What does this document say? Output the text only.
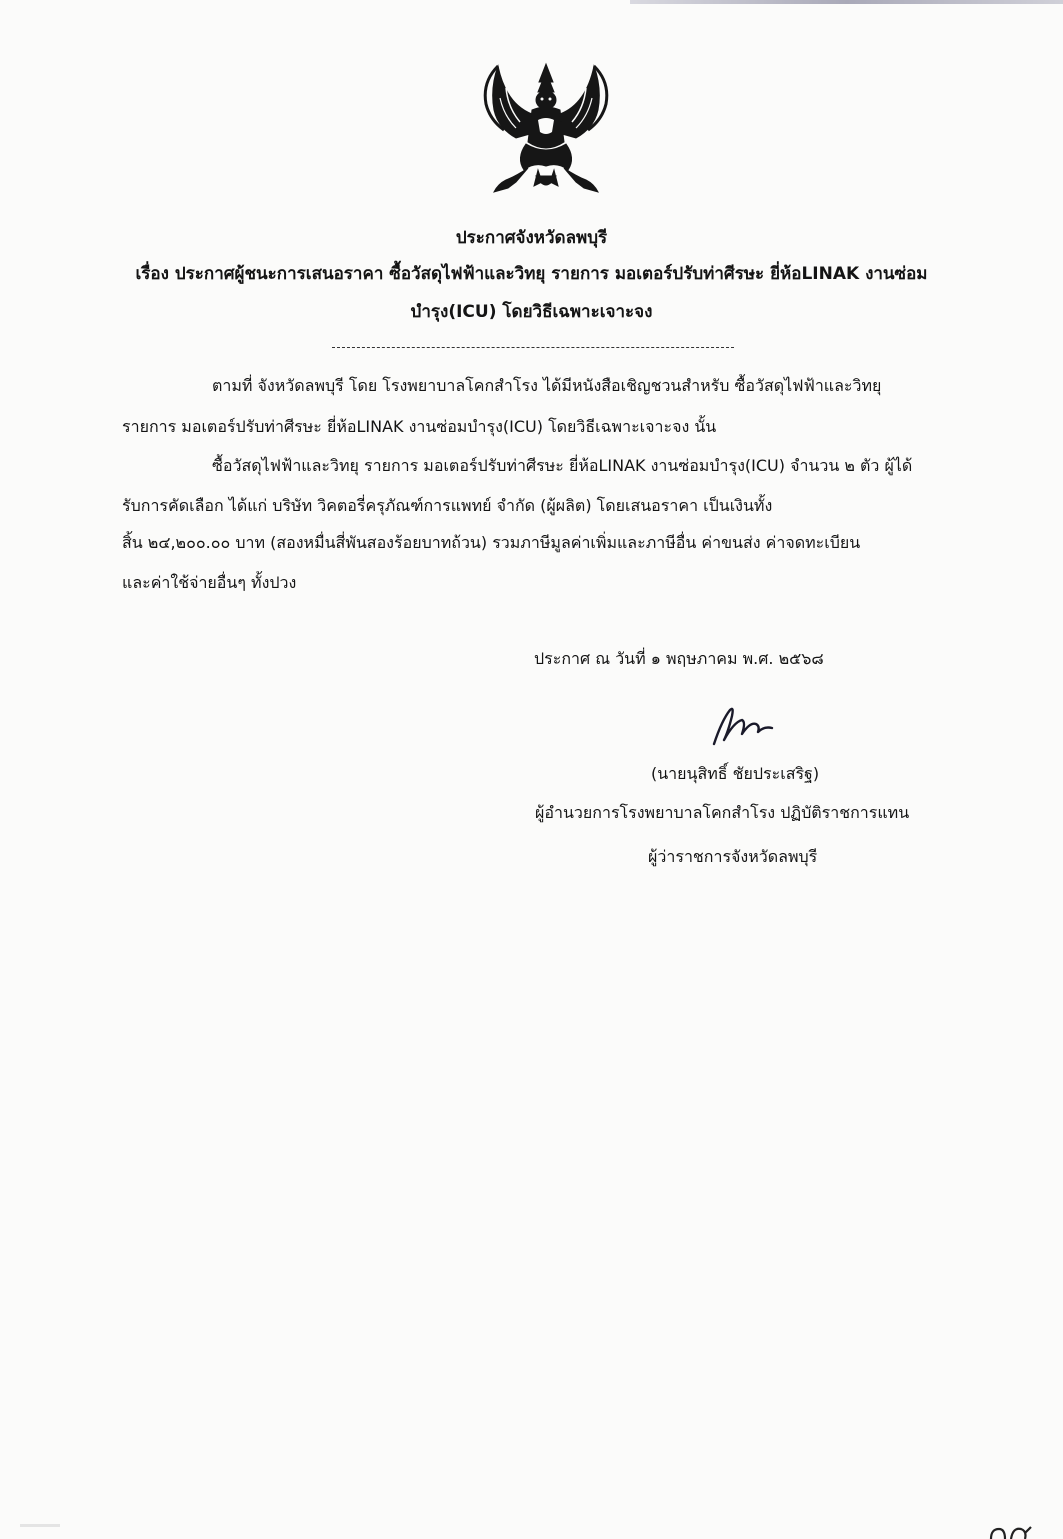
ประกาศจังหวัดลพบุรี
เรื่อง ประกาศผู้ชนะการเสนอราคา ซื้อวัสดุไฟฟ้าและวิทยุ รายการ มอเตอร์ปรับท่าศีรษะ ยี่ห้อLINAK งานซ่อม
บำรุง(ICU) โดยวิธีเฉพาะเจาะจง
ตามที่ จังหวัดลพบุรี โดย โรงพยาบาลโคกสำโรง ได้มีหนังสือเชิญชวนสำหรับ ซื้อวัสดุไฟฟ้าและวิทยุ
รายการ มอเตอร์ปรับท่าศีรษะ ยี่ห้อLINAK งานซ่อมบำรุง(ICU) โดยวิธีเฉพาะเจาะจง นั้น
ซื้อวัสดุไฟฟ้าและวิทยุ รายการ มอเตอร์ปรับท่าศีรษะ ยี่ห้อLINAK งานซ่อมบำรุง(ICU) จำนวน ๒ ตัว ผู้ได้
รับการคัดเลือก ได้แก่ บริษัท วิคตอรี่ครุภัณฑ์การแพทย์ จำกัด (ผู้ผลิต) โดยเสนอราคา เป็นเงินทั้ง
สิ้น ๒๔,๒๐๐.๐๐ บาท (สองหมื่นสี่พันสองร้อยบาทถ้วน) รวมภาษีมูลค่าเพิ่มและภาษีอื่น ค่าขนส่ง ค่าจดทะเบียน
และค่าใช้จ่ายอื่นๆ ทั้งปวง
ประกาศ ณ วันที่ ๑ พฤษภาคม พ.ศ. ๒๕๖๘
(นายนุสิทธิ์ ชัยประเสริฐ)
ผู้อำนวยการโรงพยาบาลโคกสำโรง ปฏิบัติราชการแทน
ผู้ว่าราชการจังหวัดลพบุรี
